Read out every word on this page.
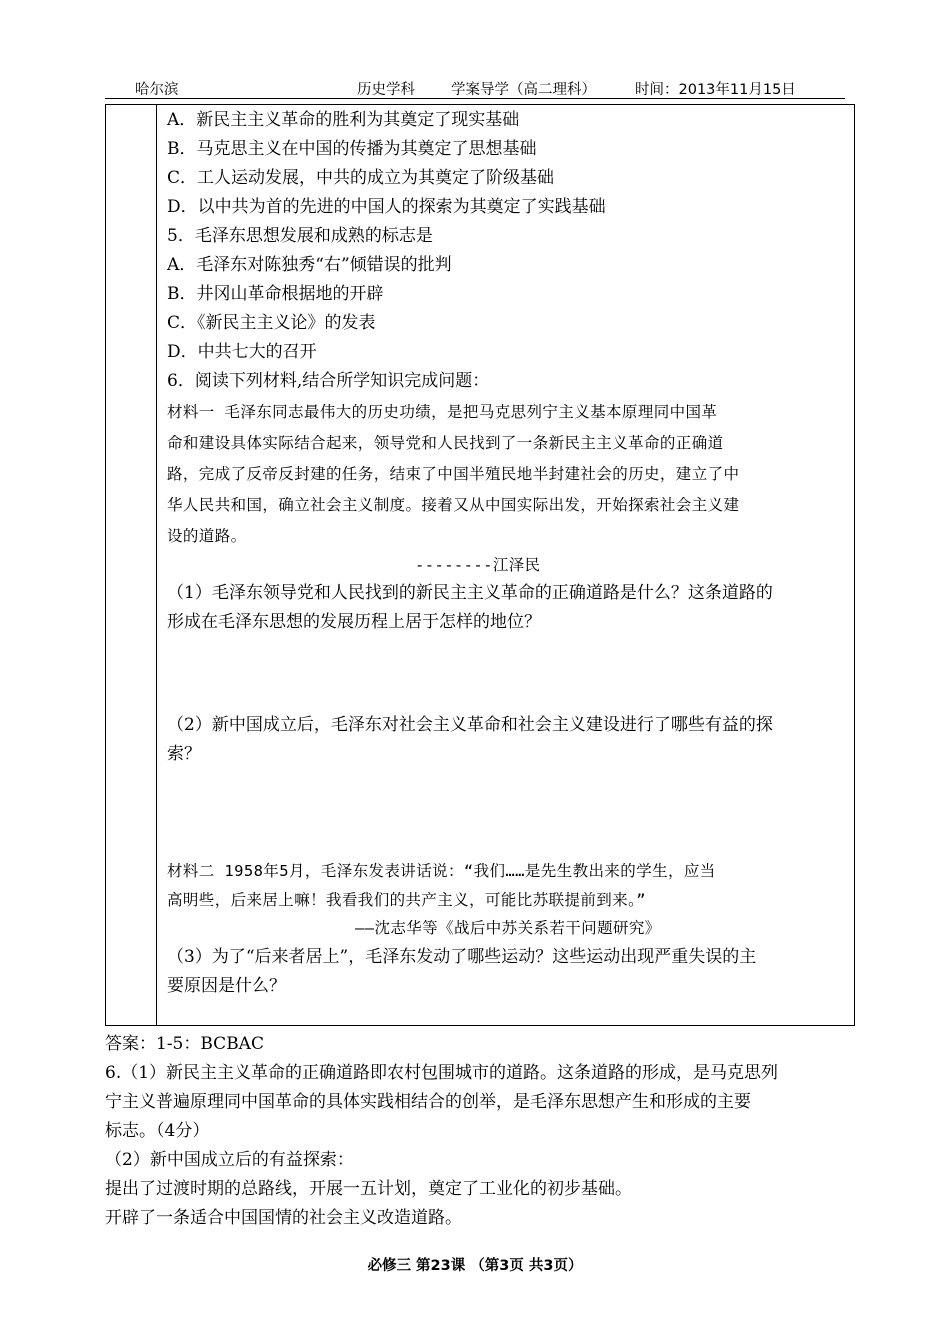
哈尔滨	历史学科 学案导学（高二理科）	时间：2013年11月15日
A．新民主主义革命的胜利为其奠定了现实基础
B．马克思主义在中国的传播为其奠定了思想基础
C．工人运动发展，中共的成立为其奠定了阶级基础
D．以中共为首的先进的中国人的探索为其奠定了实践基础
5．毛泽东思想发展和成熟的标志是
A．毛泽东对陈独秀“右”倾错误的批判
B．井冈山革命根据地的开辟
C．《新民主主义论》的发表
D．中共七大的召开
6．阅读下列材料,结合所学知识完成问题：
材料一 毛泽东同志最伟大的历史功绩，是把马克思列宁主义基本原理同中国革
命和建设具体实际结合起来，领导党和人民找到了一条新民主主义革命的正确道
路，完成了反帝反封建的任务，结束了中国半殖民地半封建社会的历史，建立了中
华人民共和国，确立社会主义制度。接着又从中国实际出发，开始探索社会主义建
设的道路。
--------江泽民
（1）毛泽东领导党和人民找到的新民主主义革命的正确道路是什么？这条道路的
形成在毛泽东思想的发展历程上居于怎样的地位？
（2）新中国成立后，毛泽东对社会主义革命和社会主义建设进行了哪些有益的探
索？
材料二 1958年5月，毛泽东发表讲话说：“我们……是先生教出来的学生，应当
高明些，后来居上嘛！我看我们的共产主义，可能比苏联提前到来。”
——沈志华等《战后中苏关系若干问题研究》
（3）为了“后来者居上”，毛泽东发动了哪些运动？这些运动出现严重失误的主
要原因是什么？
答案：1-5：BCBAC
6.（1）新民主主义革命的正确道路即农村包围城市的道路。这条道路的形成，是马克思列
宁主义普遍原理同中国革命的具体实践相结合的创举，是毛泽东思想产生和形成的主要
标志。（4分）
（2）新中国成立后的有益探索：
提出了过渡时期的总路线，开展一五计划，奠定了工业化的初步基础。
开辟了一条适合中国国情的社会主义改造道路。
必修三 第23课 （第3页 共3页）
